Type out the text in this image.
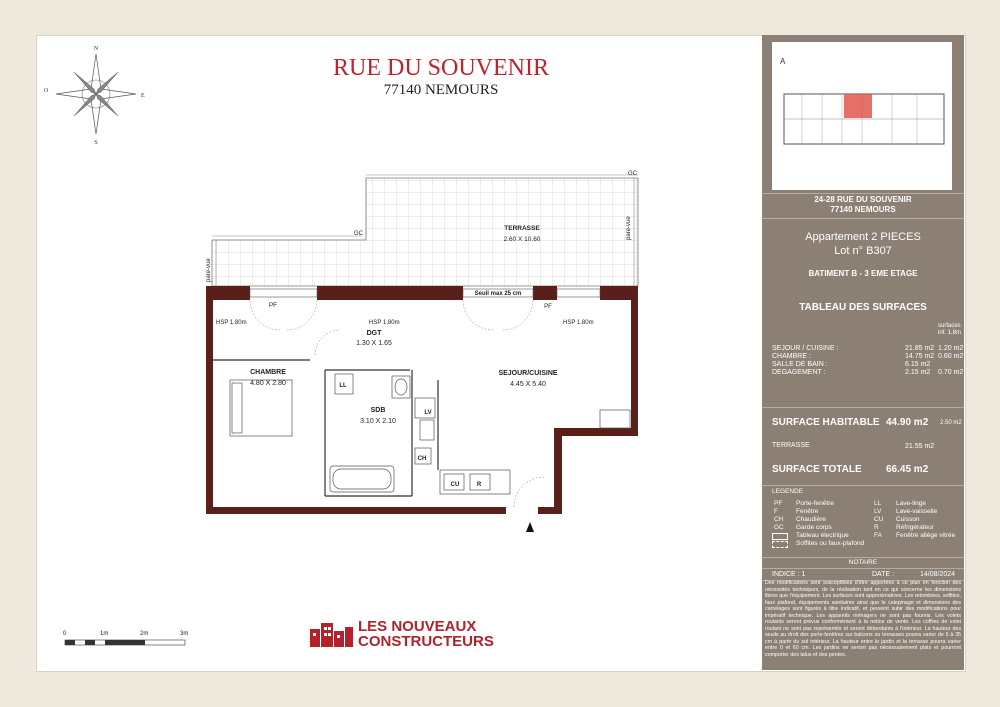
RUE DU SOUVENIR
77140 NEMOURS
N
S
E
O
GC
GC	pare-vue
pare-vue
TERRASSE
2.60 X 10.60
PF	PF
HSP 1.80m	HSP 1.80m	HSP 1.80m
Seuil max 25 cm
DGT
1.30 X 1.65
CHAMBRE
4.80 X 2.80
SDB
3.10 X 2.10
SEJOUR/CUISINE
4.45 X 5.40
LL
LV
CH
CU	R
0	1m	2m	3m	LES NOUVEAUX
CONSTRUCTEURS
A
24-28 RUE DU SOUVENIR
77140 NEMOURS
Appartement 2 PIECES
Lot n° B307
BATIMENT B - 3 EME ETAGE
TABLEAU DES SURFACES
surfaces
inf. 1.8m
SEJOUR / CUISINE :	21.85 m2 1.20 m2
CHAMBRE :	14.75 m2 0.60 m2
SALLE DE BAIN :	6.15 m2
DEGAGEMENT :	2.15 m2 0.70 m2
SURFACE HABITABLE 44.90 m2 2.50 m2
TERRASSE	21.55 m2
SURFACE TOTALE 66.45 m2
LEGENDE
PF Porte-fenêtre
F	Fenêtre
CH Chaudière
GC Garde corps
Tableau électrique
Soffites ou faux-plafond
LL Lave-linge
LV Lave-vaisselle
CU Cuisson
R	Réfrigérateur
FA Fenêtre allège vitrée
NOTAIRE
INDICE : 1	DATE :	14/08/2024
Des modifications sont susceptibles d'être apportées à ce plan en fonction des nécessités techniques, de la réalisation tant en ce qui concerne les dimensions libres que l'équipement. Les surfaces sont approximatives. Les retombées, soffites, faux plafond, équipements sanitaires ainsi que le calepinage et dimensions des carrelages sont figurés à titre indicatif, et peuvent subir des modifications pour impératif technique. Les appareils ménagers ne sont pas fournis. Les volets roulants seront prévus conformément à la notice de vente. Les coffres de volet roulant ne sont pas représentés et seront débordants à l'intérieur. La hauteur des seuils au droit des porte-fenêtres sur balcons ou terrasses pourra varier de 5 à 35 cm à partir du sol intérieur. La hauteur entre le jardin et la terrasse pourra varier entre 0 et 60 cm. Les jardins ne seront pas nécessairement plats et pourront comporter des talus et des pentes.
